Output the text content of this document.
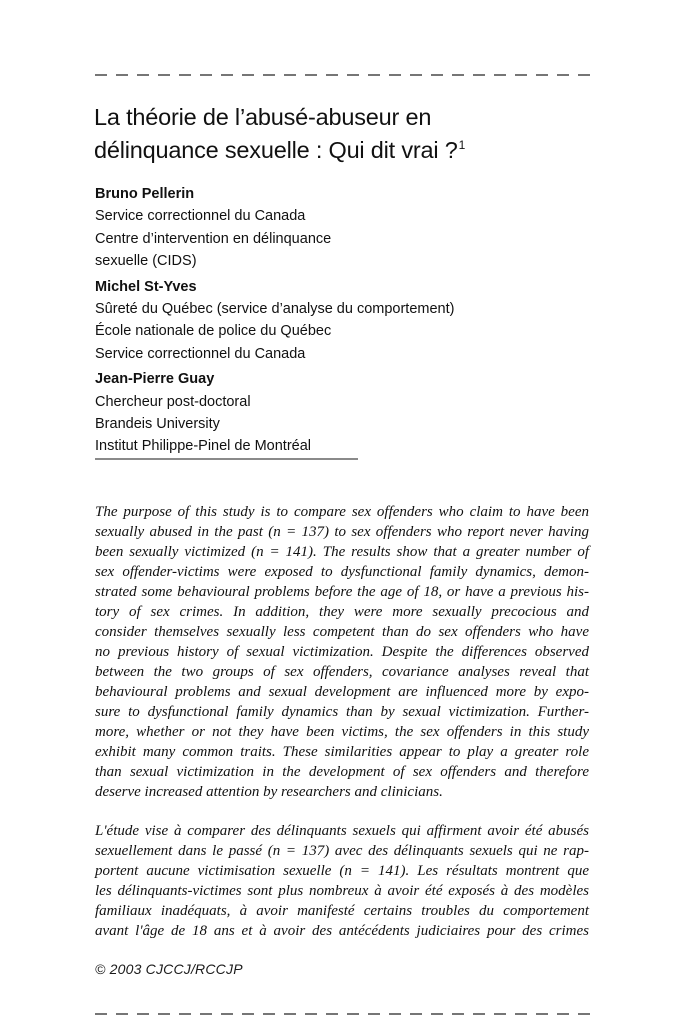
La théorie de l’abusé-abuseur en
délinquance sexuelle : Qui dit vrai ?$^1$
Bruno Pellerin
Service correctionnel du Canada
Centre d’intervention en délinquance
sexuelle (CIDS)
Michel St-Yves
Sûreté du Québec (service d’analyse du comportement)
École nationale de police du Québec
Service correctionnel du Canada
Jean-Pierre Guay
Chercheur post-doctoral
Brandeis University
Institut Philippe-Pinel de Montréal
The purpose of this study is to compare sex offenders who claim to have been
sexually abused in the past (n = 137) to sex offenders who report never having
been sexually victimized (n = 141). The results show that a greater number of
sex offender-victims were exposed to dysfunctional family dynamics, demon-
strated some behavioural problems before the age of 18, or have a previous his-
tory of sex crimes. In addition, they were more sexually precocious and
consider themselves sexually less competent than do sex offenders who have
no previous history of sexual victimization. Despite the differences observed
between the two groups of sex offenders, covariance analyses reveal that
behavioural problems and sexual development are influenced more by expo-
sure to dysfunctional family dynamics than by sexual victimization. Further-
more, whether or not they have been victims, the sex offenders in this study
exhibit many common traits. These similarities appear to play a greater role
than sexual victimization in the development of sex offenders and therefore
deserve increased attention by researchers and clinicians.
L'étude vise à comparer des délinquants sexuels qui affirment avoir été abusés
sexuellement dans le passé (n = 137) avec des délinquants sexuels qui ne rap-
portent aucune victimisation sexuelle (n = 141). Les résultats montrent que
les délinquants-victimes sont plus nombreux à avoir été exposés à des modèles
familiaux inadéquats, à avoir manifesté certains troubles du comportement
avant l'âge de 18 ans et à avoir des antécédents judiciaires pour des crimes
© 2003 CJCCJ/RCCJP
